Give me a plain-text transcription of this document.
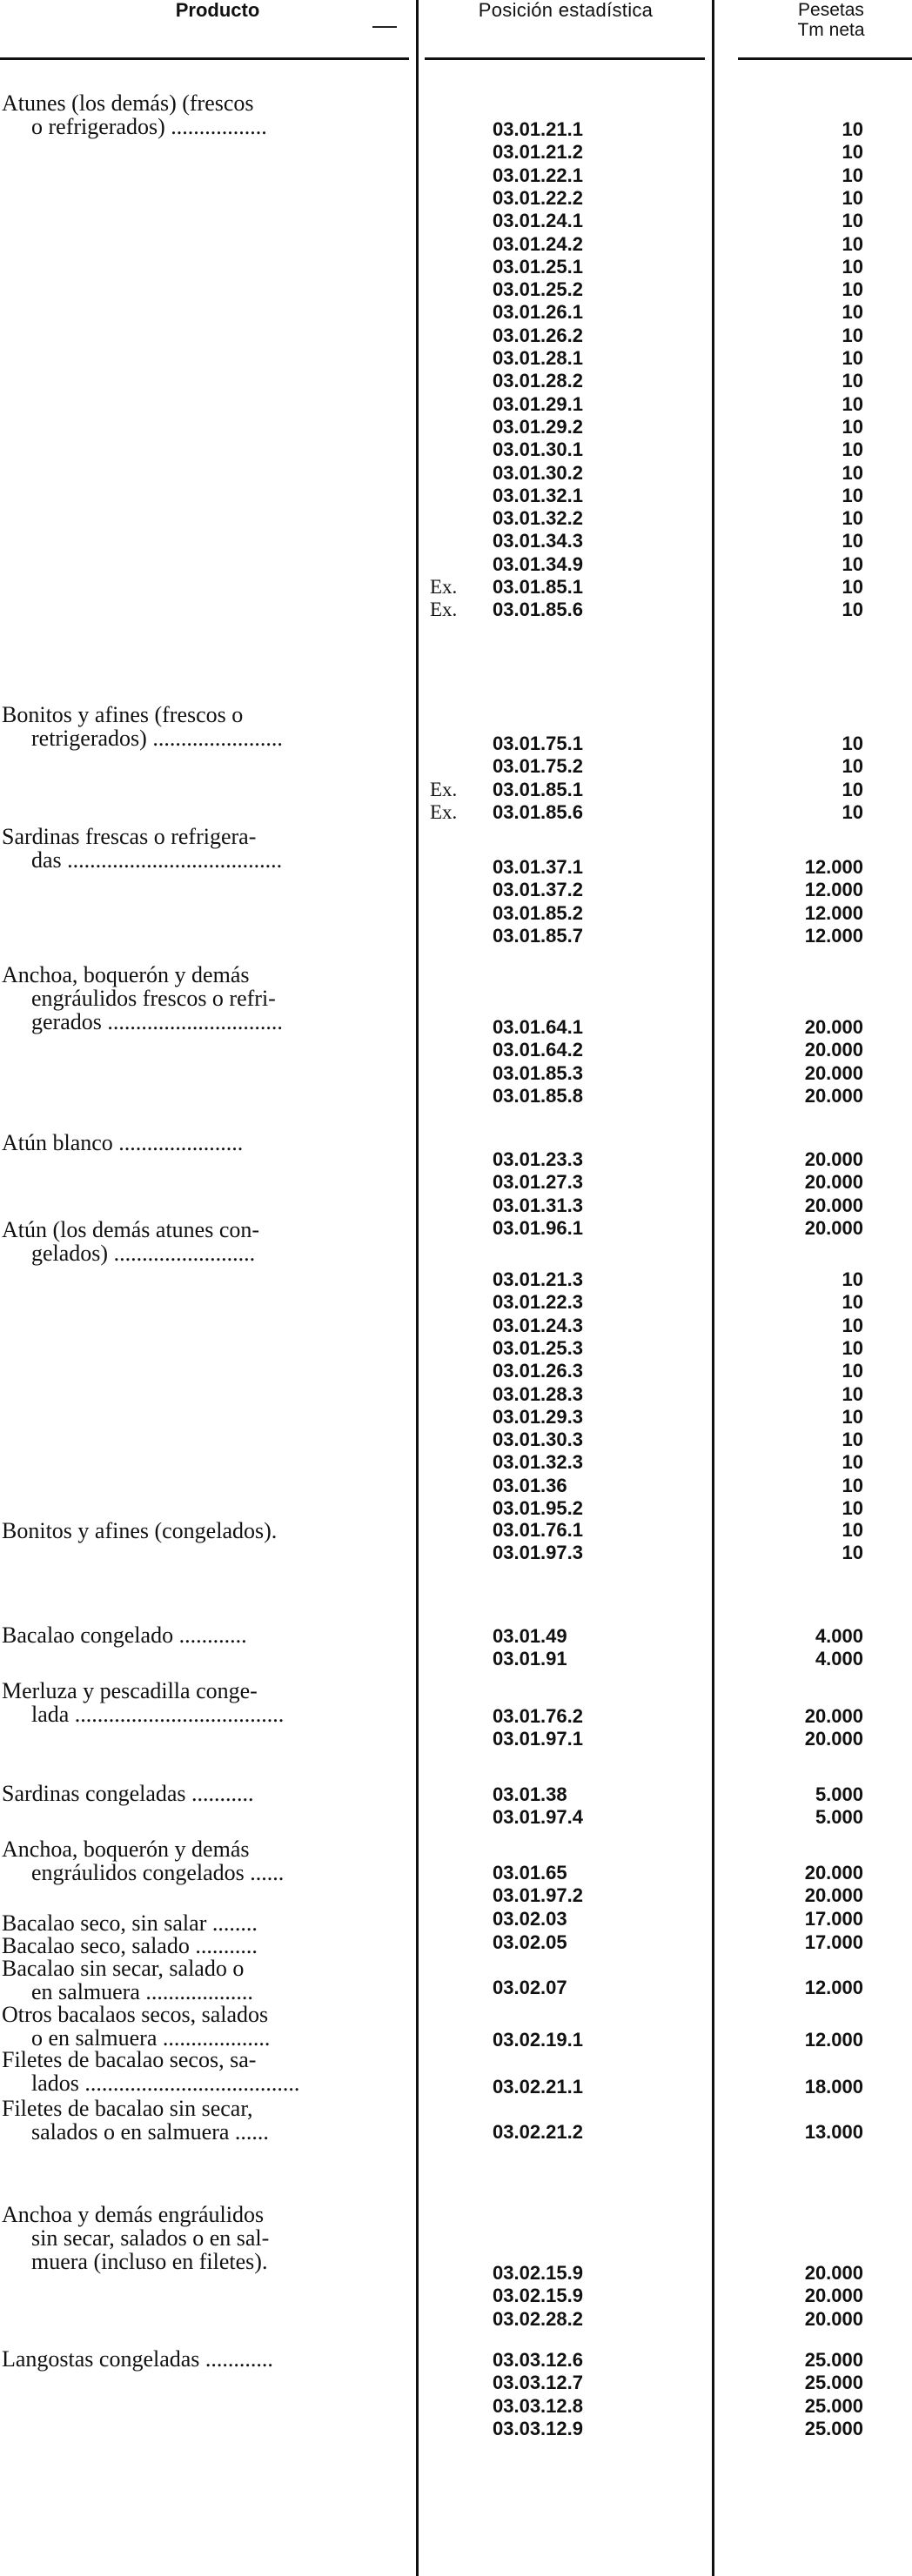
Producto	Posición estadística	Pesetas
Tm neta
Atunes (los demás) (frescos
o refrigerados) .................	03.01.21.1	10
03.01.21.2	10
03.01.22.1	10
03.01.22.2	10
03.01.24.1	10
03.01.24.2	10
03.01.25.1	10
03.01.25.2	10
03.01.26.1	10
03.01.26.2	10
03.01.28.1	10
03.01.28.2	10
03.01.29.1	10
03.01.29.2	10
03.01.30.1	10
03.01.30.2	10
03.01.32.1	10
03.01.32.2	10
03.01.34.3	10
03.01.34.9	10
Ex. 03.01.85.1	10
Ex. 03.01.85.6	10
Bonitos y afines (frescos o
retrigerados) .......................	03.01.75.1	10
03.01.75.2	10
Ex. 03.01.85.1	10
Ex. 03.01.85.6	10
Sardinas frescas o refrigera-
das ......................................	03.01.37.1	12.000
03.01.37.2	12.000
03.01.85.2	12.000
03.01.85.7	12.000
Anchoa, boquerón y demás
engráulidos frescos o refri-
gerados ...............................	03.01.64.1	20.000
03.01.64.2	20.000
03.01.85.3	20.000
03.01.85.8	20.000
Atún blanco ......................
03.01.23.3	20.000
03.01.27.3	20.000
03.01.31.3	20.000
03.01.96.1	20.000
Atún (los demás atunes con-
gelados) .........................
03.01.21.3	10
03.01.22.3	10
03.01.24.3	10
03.01.25.3	10
03.01.26.3	10
03.01.28.3	10
03.01.29.3	10
03.01.30.3	10
03.01.32.3	10
03.01.36	10
03.01.95.2	10
Bonitos y afines (congelados).	03.01.76.1	10
03.01.97.3	10
Bacalao congelado ............	03.01.49	4.000
03.01.91	4.000
Merluza y pescadilla conge-
lada .....................................	03.01.76.2	20.000
03.01.97.1	20.000
Sardinas congeladas ...........	03.01.38	5.000
03.01.97.4	5.000
Anchoa, boquerón y demás
engráulidos congelados ......	03.01.65	20.000
03.01.97.2	20.000
Bacalao seco, sin salar ........	03.02.03	17.000
Bacalao seco, salado ...........	03.02.05	17.000
Bacalao sin secar, salado o
en salmuera ...................	03.02.07	12.000
Otros bacalaos secos, salados
o en salmuera ...................	03.02.19.1	12.000
Filetes de bacalao secos, sa-
lados ......................................	03.02.21.1	18.000
Filetes de bacalao sin secar,
salados o en salmuera ......	03.02.21.2	13.000
Anchoa y demás engráulidos
sin secar, salados o en sal-
muera (incluso en filetes).	03.02.15.9	20.000
03.02.15.9	20.000
03.02.28.2	20.000
Langostas congeladas ............	03.03.12.6	25.000
03.03.12.7	25.000
03.03.12.8	25.000
03.03.12.9	25.000
